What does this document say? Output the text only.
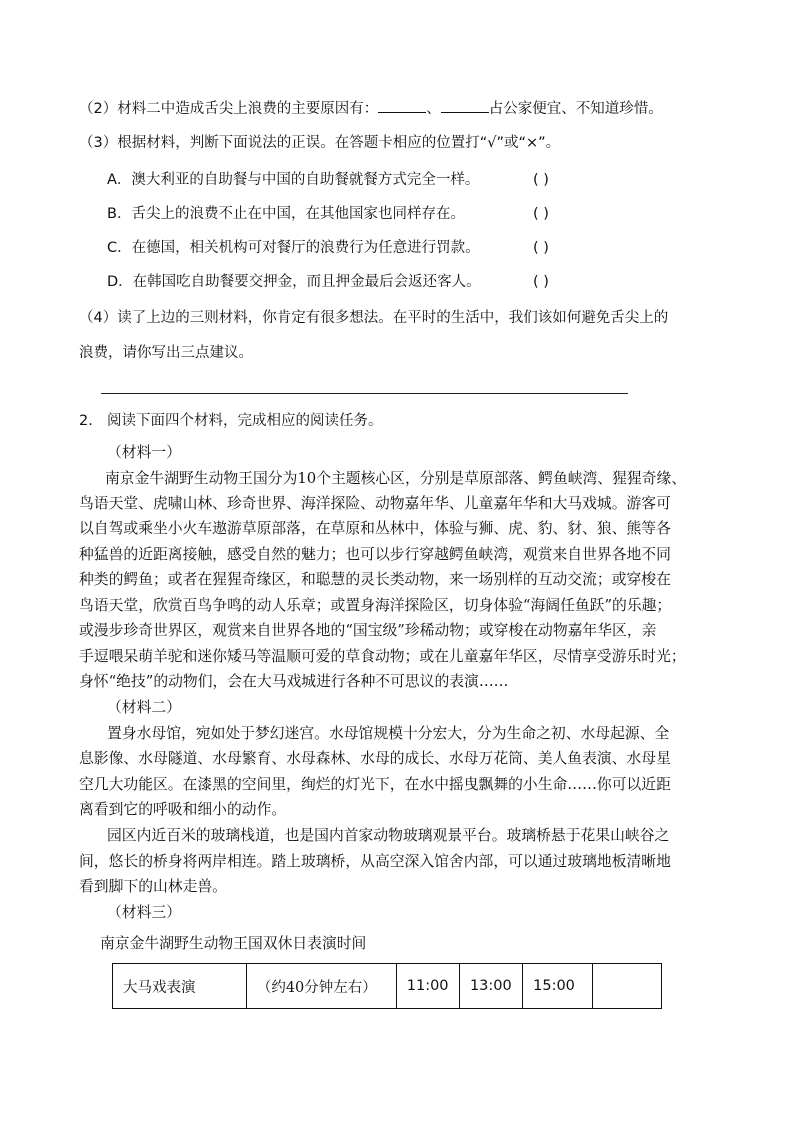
（2）材料二中造成舌尖上浪费的主要原因有：	、	占公家便宜、不知道珍惜。
（3）根据材料，判断下面说法的正误。在答题卡相应的位置打“√”或“×”。
A．澳大利亚的自助餐与中国的自助餐就餐方式完全一样。	( )
B．舌尖上的浪费不止在中国，在其他国家也同样存在。	( )
C．在德国，相关机构可对餐厅的浪费行为任意进行罚款。	( )
D．在韩国吃自助餐要交押金，而且押金最后会返还客人。	( )
（4）读了上边的三则材料，你肯定有很多想法。在平时的生活中，我们该如何避免舌尖上的
浪费，请你写出三点建议。
2. 阅读下面四个材料，完成相应的阅读任务。
（材料一）
南京金牛湖野生动物王国分为10个主题核心区，分别是草原部落、鳄鱼峡湾、猩猩奇缘、
鸟语天堂、虎啸山林、珍奇世界、海洋探险、动物嘉年华、儿童嘉年华和大马戏城。游客可
以自驾或乘坐小火车遨游草原部落，在草原和丛林中，体验与狮、虎、豹、豺、狼、熊等各
种猛兽的近距离接触，感受自然的魅力；也可以步行穿越鳄鱼峡湾，观赏来自世界各地不同
种类的鳄鱼；或者在猩猩奇缘区，和聪慧的灵长类动物，来一场别样的互动交流；或穿梭在
鸟语天堂，欣赏百鸟争鸣的动人乐章；或置身海洋探险区，切身体验“海阔任鱼跃”的乐趣；
或漫步珍奇世界区，观赏来自世界各地的“国宝级”珍稀动物；或穿梭在动物嘉年华区，亲
手逗喂呆萌羊驼和迷你矮马等温顺可爱的草食动物；或在儿童嘉年华区，尽情享受游乐时光；
身怀“绝技”的动物们，会在大马戏城进行各种不可思议的表演……
（材料二）
置身水母馆，宛如处于梦幻迷宫。水母馆规模十分宏大，分为生命之初、水母起源、全
息影像、水母隧道、水母繁育、水母森林、水母的成长、水母万花筒、美人鱼表演、水母星
空几大功能区。在漆黑的空间里，绚烂的灯光下，在水中摇曳飘舞的小生命……你可以近距
离看到它的呼吸和细小的动作。
园区内近百米的玻璃栈道，也是国内首家动物玻璃观景平台。玻璃桥悬于花果山峡谷之
间，悠长的桥身将两岸相连。踏上玻璃桥，从高空深入馆舍内部，可以通过玻璃地板清晰地
看到脚下的山林走兽。
（材料三）
南京金牛湖野生动物王国双休日表演时间
大马戏表演	（约40分钟左右）	11:00	13:00	15:00	
